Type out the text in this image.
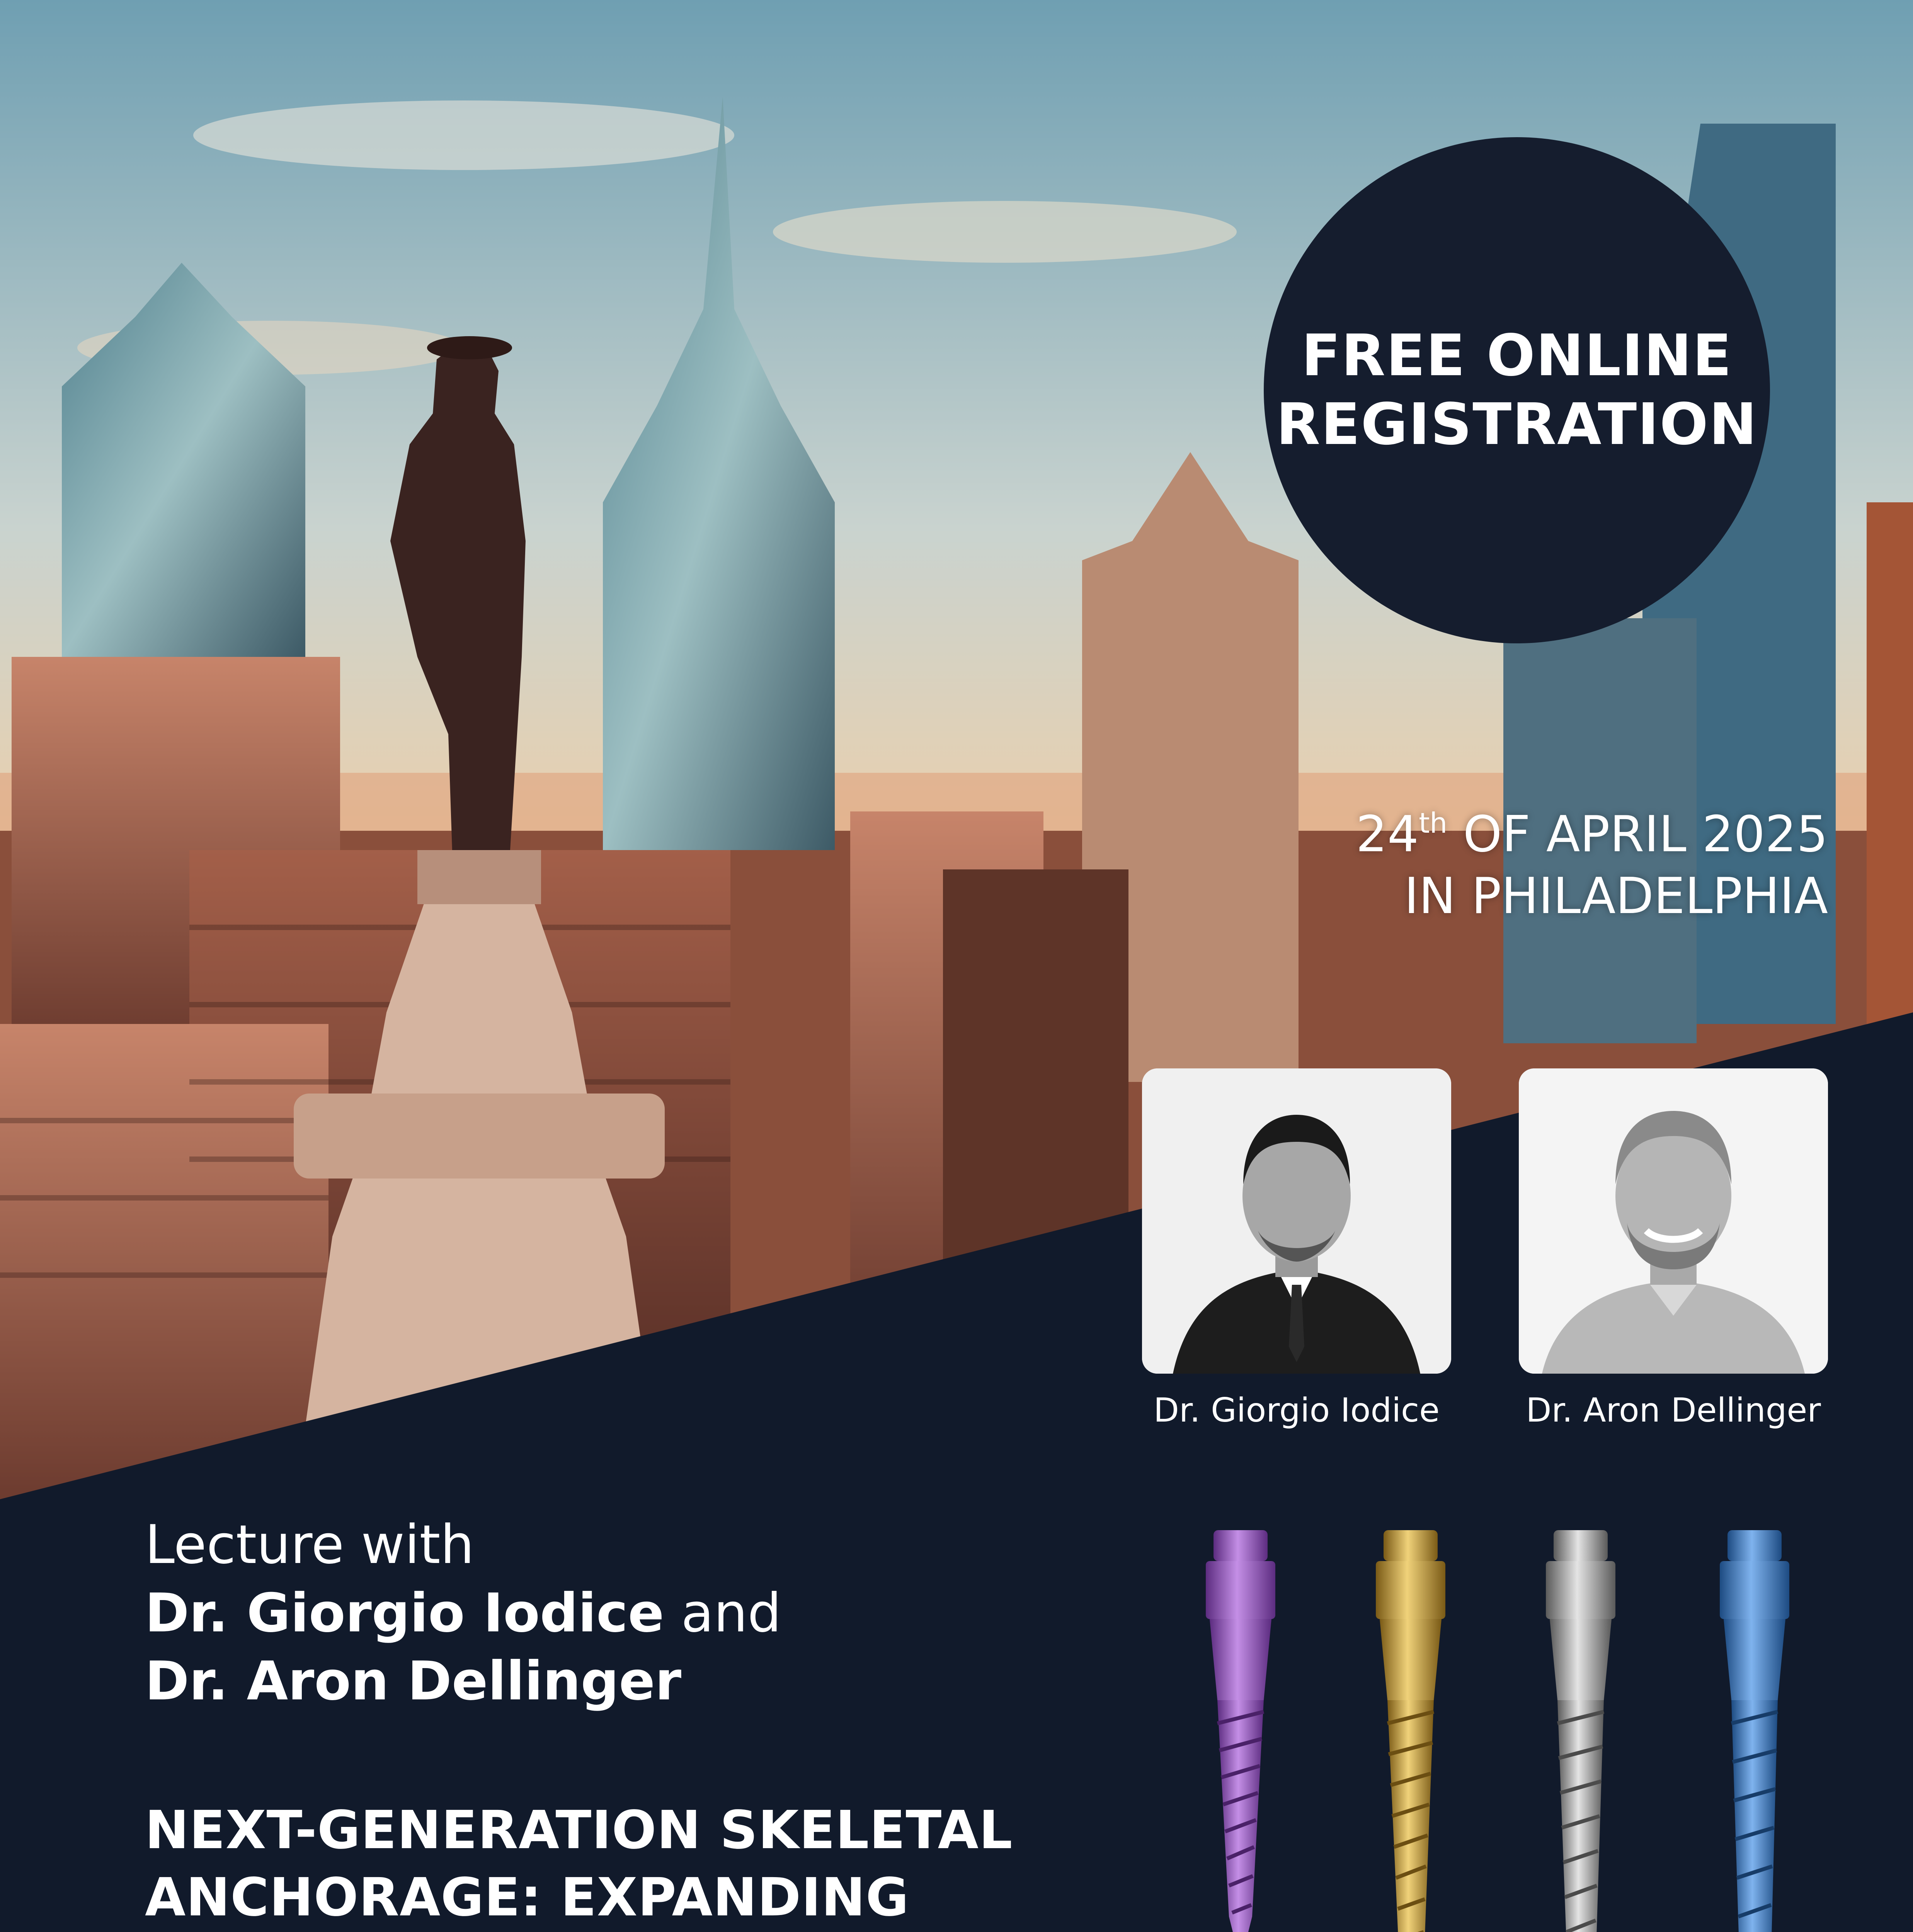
FREE ONLINE
REGISTRATION
24th OF APRIL 2025
IN PHILADELPHIA
Dr. Giorgio Iodice	Dr. Aron Dellinger
Lecture with
Dr. Giorgio Iodice and
Dr. Aron Dellinger
NEXT-GENERATION SKELETAL
ANCHORAGE: EXPANDING
